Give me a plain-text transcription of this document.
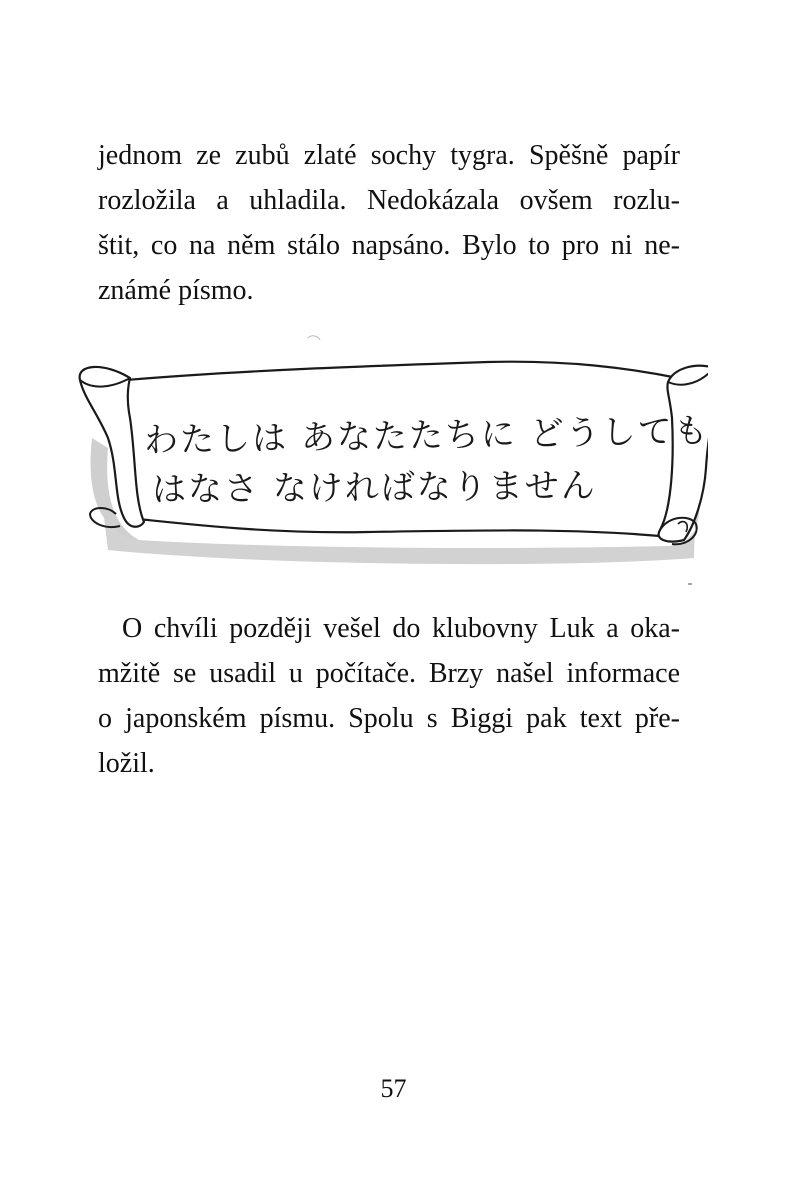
jednom ze zubů zlaté sochy tygra. Spěšně papír
rozložila a uhladila. Nedokázala ovšem rozlu-
štit, co na něm stálo napsáno. Bylo to pro ni ne-
známé písmo.

わたしは あなたたちに どうしても
はなさ なければなりません

O chvíli později vešel do klubovny Luk a oka-
mžitě se usadil u počítače. Brzy našel informace
o japonském písmu. Spolu s Biggi pak text pře-
ložil.

57
